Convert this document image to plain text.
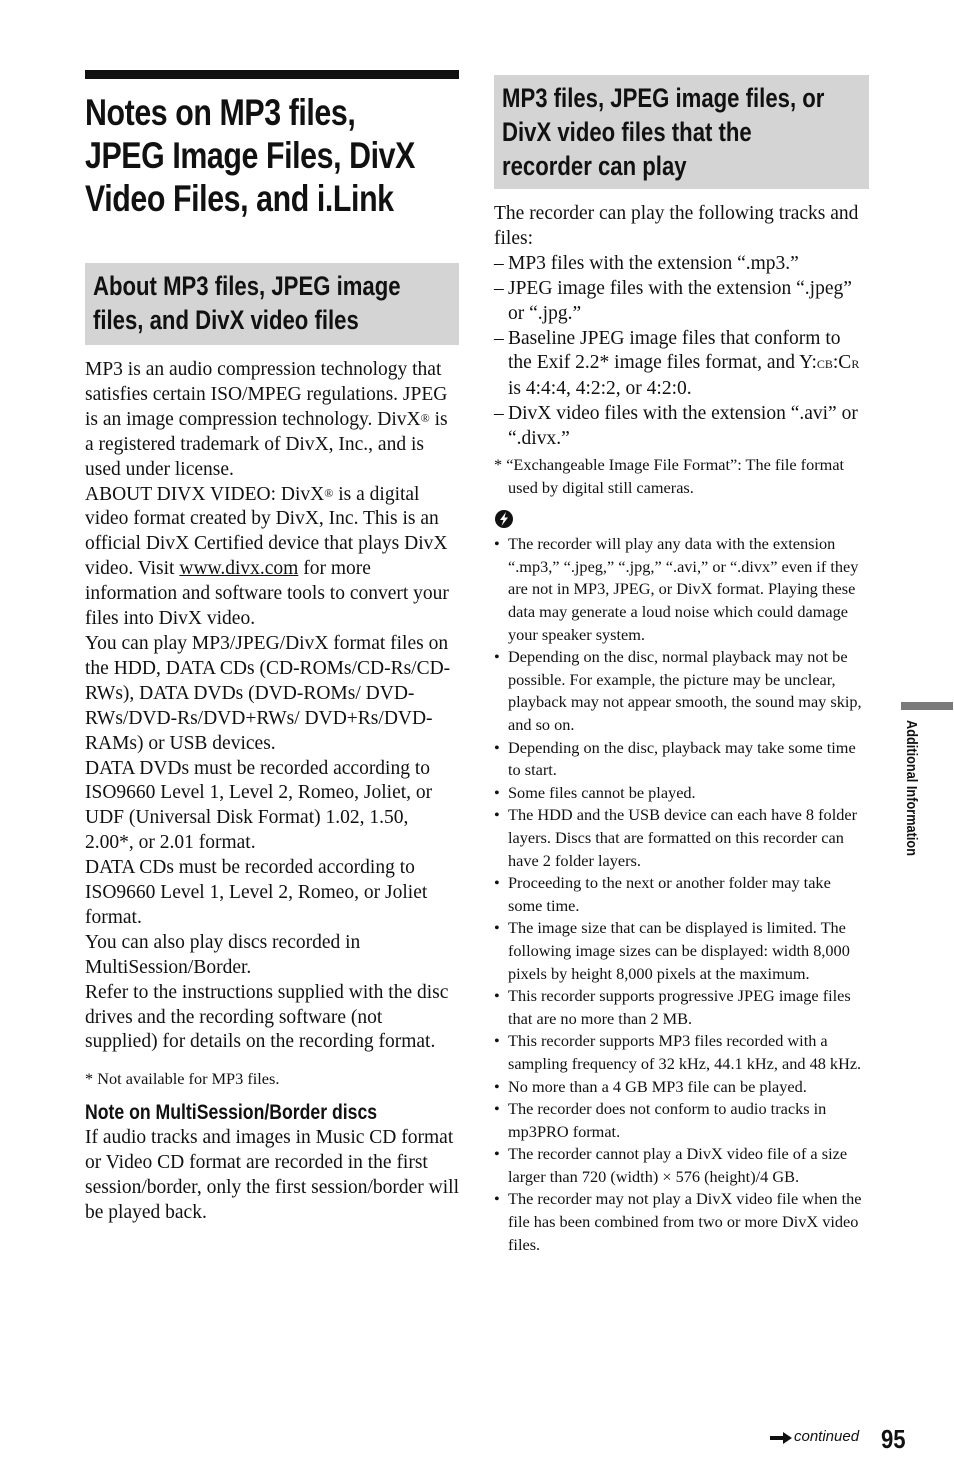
Notes on MP3 files,
JPEG Image Files, DivX
Video Files, and i.Link
About MP3 files, JPEG image
files, and DivX video files

MP3 is an audio compression technology that satisfies certain ISO/MPEG regulations. JPEG is an image compression technology. DivX® is a registered trademark of DivX, Inc., and is used under license.

ABOUT DIVX VIDEO: DivX® is a digital video format created by DivX, Inc. This is an official DivX Certified device that plays DivX video. Visit www.divx.com for more information and software tools to convert your files into DivX video.

You can play MP3/JPEG/DivX format files on the HDD, DATA CDs (CD-ROMs/CD-Rs/CD-RWs), DATA DVDs (DVD-ROMs/ DVD-RWs/DVD-Rs/DVD+RWs/ DVD+Rs/DVD-RAMs) or USB devices.

DATA DVDs must be recorded according to ISO9660 Level 1, Level 2, Romeo, Joliet, or UDF (Universal Disk Format) 1.02, 1.50, 2.00*, or 2.01 format.

DATA CDs must be recorded according to ISO9660 Level 1, Level 2, Romeo, or Joliet format.

You can also play discs recorded in MultiSession/Border.

Refer to the instructions supplied with the disc drives and the recording software (not supplied) for details on the recording format.

* Not available for MP3 files.
Note on MultiSession/Border discs
If audio tracks and images in Music CD format or Video CD format are recorded in the first session/border, only the first session/border will be played back.
MP3 files, JPEG image files, or
DivX video files that the
recorder can play
The recorder can play the following tracks and files:
– MP3 files with the extension “.mp3.”
– JPEG image files with the extension “.jpeg” or “.jpg.”
– Baseline JPEG image files that conform to the Exif 2.2* image files format, and Y:CB:CR is 4:4:4, 4:2:2, or 4:2:0.
– DivX video files with the extension “.avi” or “.divx.”
* “Exchangeable Image File Format”: The file format used by digital still cameras.
• The recorder will play any data with the extension “.mp3,” “.jpeg,” “.jpg,” “.avi,” or “.divx” even if they are not in MP3, JPEG, or DivX format. Playing these data may generate a loud noise which could damage your speaker system.
• Depending on the disc, normal playback may not be possible. For example, the picture may be unclear, playback may not appear smooth, the sound may skip, and so on.
• Depending on the disc, playback may take some time to start.
• Some files cannot be played.
• The HDD and the USB device can each have 8 folder layers. Discs that are formatted on this recorder can have 2 folder layers.
• Proceeding to the next or another folder may take some time.
• The image size that can be displayed is limited. The following image sizes can be displayed: width 8,000 pixels by height 8,000 pixels at the maximum.
• This recorder supports progressive JPEG image files that are no more than 2 MB.
• This recorder supports MP3 files recorded with a sampling frequency of 32 kHz, 44.1 kHz, and 48 kHz.
• No more than a 4 GB MP3 file can be played.
• The recorder does not conform to audio tracks in mp3PRO format.
• The recorder cannot play a DivX video file of a size larger than 720 (width) × 576 (height)/4 GB.
• The recorder may not play a DivX video file when the file has been combined from two or more DivX video files.
Additional Information
continued 95
